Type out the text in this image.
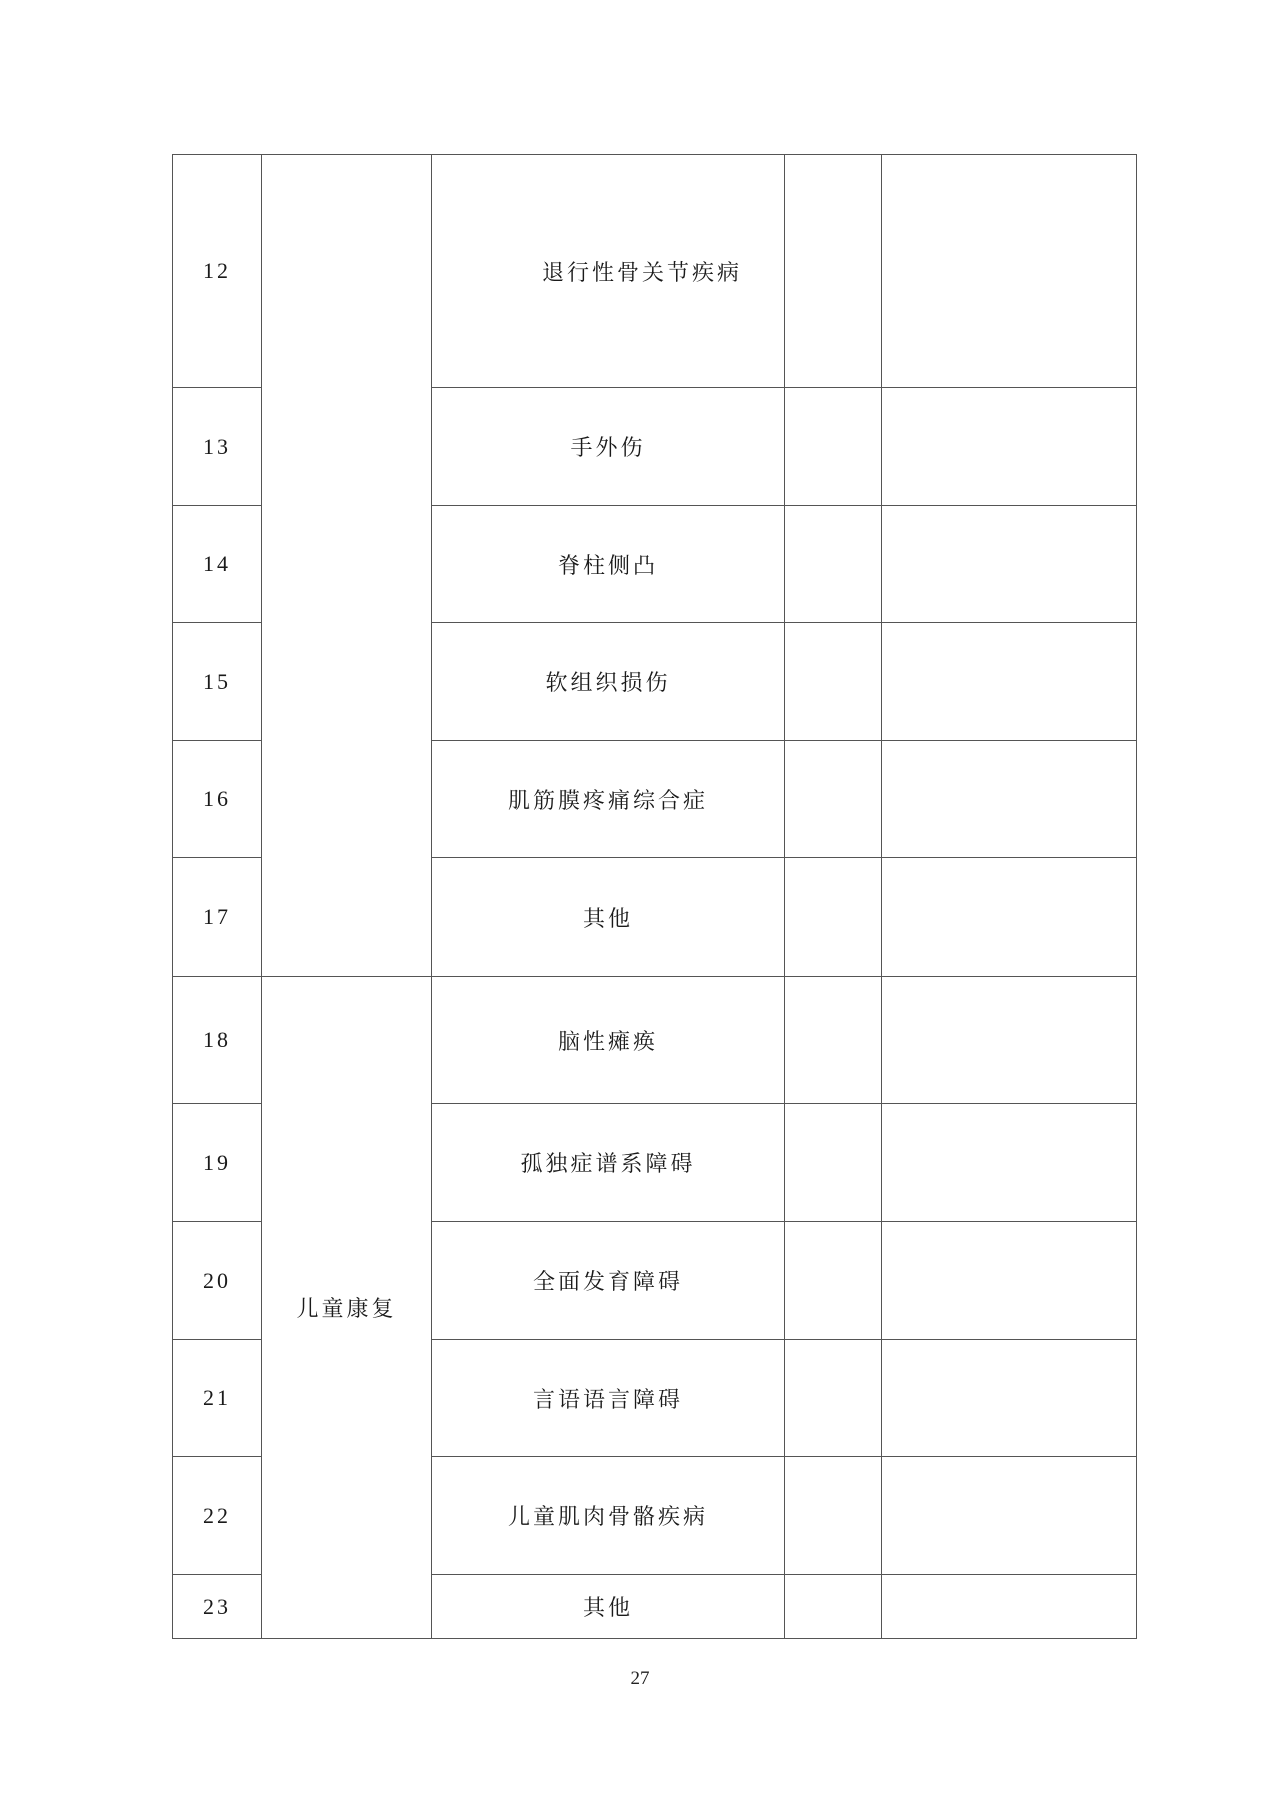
12		退行性骨关节疾病		
13		手外伤		
14		脊柱侧凸		
15		软组织损伤		
16		肌筋膜疼痛综合症		
17		其他		
18	儿童康复	脑性瘫痪		
19		孤独症谱系障碍		
20		全面发育障碍		
21		言语语言障碍		
22		儿童肌肉骨骼疾病		
23		其他		
27
